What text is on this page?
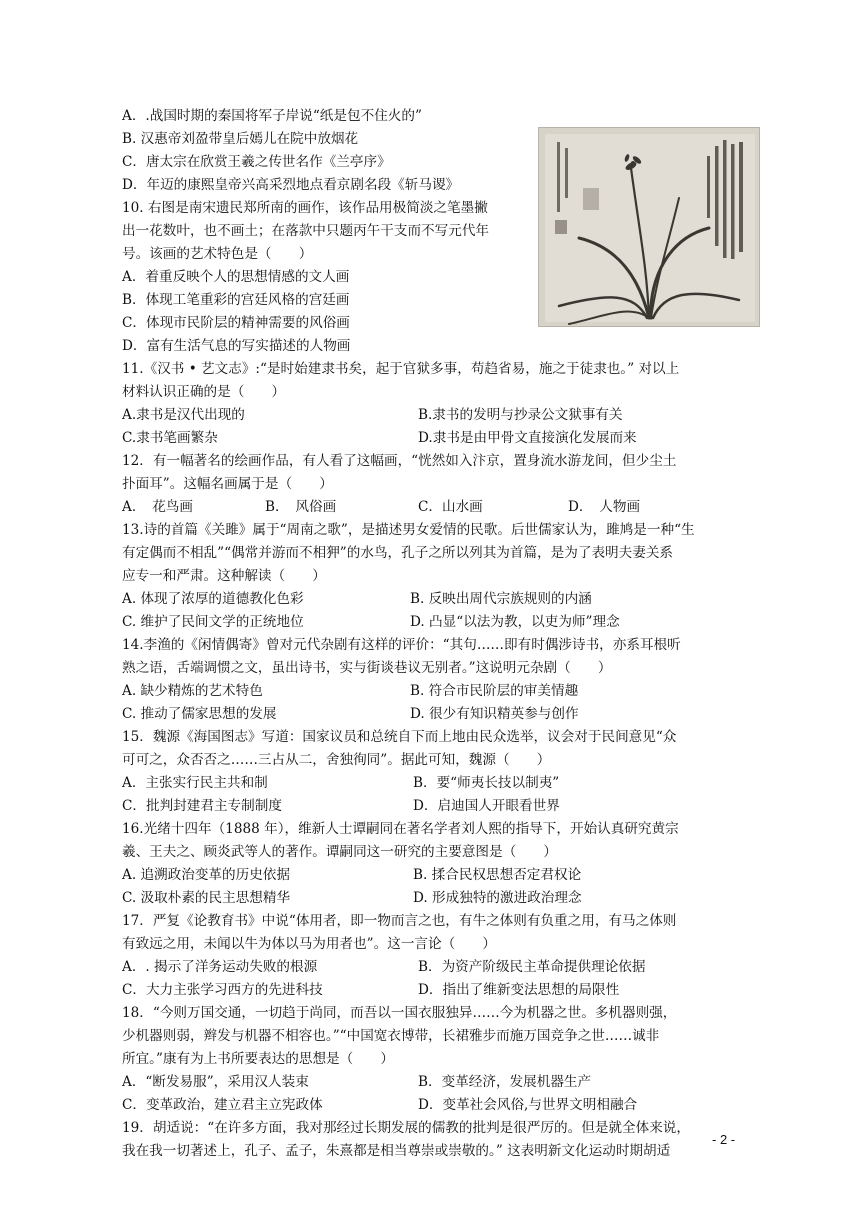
A．.战国时期的秦国将军子岸说“纸是包不住火的”
B. 汉惠帝刘盈带皇后嫣儿在院中放烟花
C．唐太宗在欣赏王羲之传世名作《兰亭序》
D．年迈的康熙皇帝兴高采烈地点看京剧名段《斩马谡》
10. 右图是南宋遗民郑所南的画作，该作品用极简淡之笔墨撇
出一花数叶，也不画土；在落款中只题丙午干支而不写元代年
号。该画的艺术特色是（　　）
A．着重反映个人的思想情感的文人画
B．体现工笔重彩的宫廷风格的宫廷画
C．体现市民阶层的精神需要的风俗画
D．富有生活气息的写实描述的人物画
11.《汉书 • 艺文志》:“是时始建隶书矣，起于官狱多事，苟趋省易，施之于徒隶也。” 对以上
材料认识正确的是（　　）
A.隶书是汉代出现的	B.隶书的发明与抄录公文狱事有关
C.隶书笔画繁杂	D.隶书是由甲骨文直接演化发展而来
12．有一幅著名的绘画作品，有人看了这幅画，“恍然如入汴京，置身流水游龙间，但少尘土
扑面耳”。这幅名画属于是（　　）
A．　花鸟画	B．　风俗画	C．山水画	D．　人物画
13.诗的首篇《关雎》属于“周南之歌”，是描述男女爱情的民歌。后世儒家认为，雎鸠是一种“生
有定偶而不相乱”“偶常并游而不相狎”的水鸟，孔子之所以列其为首篇，是为了表明夫妻关系
应专一和严肃。这种解读（　　）
A. 体现了浓厚的道德教化色彩	B. 反映出周代宗族规则的内涵
C. 维护了民间文学的正统地位	D. 凸显“以法为教，以吏为师”理念
14.李渔的《闲情偶寄》曾对元代杂剧有这样的评价：“其句……即有时偶涉诗书，亦系耳根听
熟之语，舌端调惯之文，虽出诗书，实与街谈巷议无别者。”这说明元杂剧（　　）
A. 缺少精炼的艺术特色	B. 符合市民阶层的审美情趣
C. 推动了儒家思想的发展	D. 很少有知识精英参与创作
15．魏源《海国图志》写道：国家议员和总统自下而上地由民众选举，议会对于民间意见“众
可可之，众否否之……三占从二，舍独徇同”。据此可知，魏源（　　）
A．主张实行民主共和制	B．要“师夷长技以制夷”
C．批判封建君主专制制度	D．启迪国人开眼看世界
16.光绪十四年（1888 年），维新人士谭嗣同在著名学者刘人熙的指导下，开始认真研究黄宗
羲、王夫之、顾炎武等人的著作。谭嗣同这一研究的主要意图是（　　）
A. 追溯政治变革的历史依据	B. 揉合民权思想否定君权论
C. 汲取朴素的民主思想精华	D. 形成独特的激进政治理念
17．严复《论教育书》中说“体用者，即一物而言之也，有牛之体则有负重之用，有马之体则
有致远之用，未闻以牛为体以马为用者也”。这一言论（　　）
A．. 揭示了洋务运动失败的根源	B．为资产阶级民主革命提供理论依据
C．大力主张学习西方的先进科技	D．指出了维新变法思想的局限性
18．“今则万国交通，一切趋于尚同，而吾以一国衣服独异……今为机器之世。多机器则强，
少机器则弱，辫发与机器不相容也。”“中国宽衣博带，长裙雅步而施万国竞争之世……诚非
所宜。”康有为上书所要表达的思想是（　　）
A．“断发易服”，采用汉人装束	B．变革经济，发展机器生产
C．变革政治，建立君主立宪政体	D．变革社会风俗,与世界文明相融合
19．胡适说：“在许多方面，我对那经过长期发展的儒教的批判是很严厉的。但是就全体来说，
我在我一切著述上，孔子、孟子，朱熹都是相当尊崇或崇敬的。” 这表明新文化运动时期胡适
- 2 -
